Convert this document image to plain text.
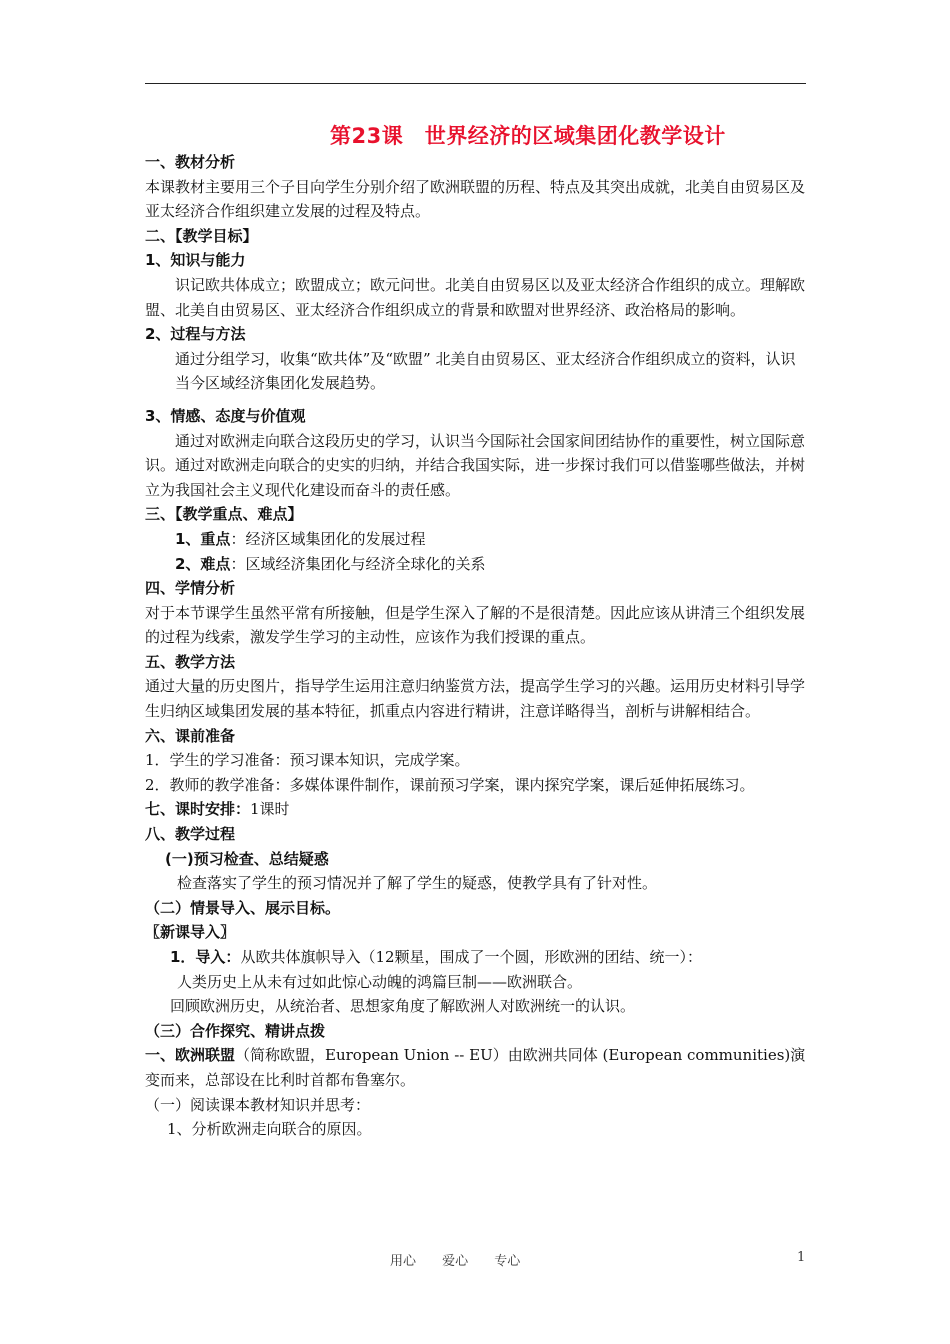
第23课　世界经济的区域集团化教学设计

一、教材分析

本课教材主要用三个子目向学生分别介绍了欧洲联盟的历程、特点及其突出成就，北美自由贸易区及亚太经济合作组织建立发展的过程及特点。

二、【教学目标】

1、知识与能力

识记欧共体成立；欧盟成立；欧元问世。北美自由贸易区以及亚太经济合作组织的成立。理解欧盟、北美自由贸易区、亚太经济合作组织成立的背景和欧盟对世界经济、政治格局的影响。

2、过程与方法

通过分组学习，收集“欧共体”及“欧盟” 北美自由贸易区、亚太经济合作组织成立的资料，认识当今区域经济集团化发展趋势。

3、情感、态度与价值观

通过对欧洲走向联合这段历史的学习，认识当今国际社会国家间团结协作的重要性，树立国际意识。通过对欧洲走向联合的史实的归纳，并结合我国实际，进一步探讨我们可以借鉴哪些做法，并树立为我国社会主义现代化建设而奋斗的责任感。

三、【教学重点、难点】

1、重点：经济区域集团化的发展过程

2、难点：区域经济集团化与经济全球化的关系

四、学情分析

对于本节课学生虽然平常有所接触，但是学生深入了解的不是很清楚。因此应该从讲清三个组织发展的过程为线索，激发学生学习的主动性，应该作为我们授课的重点。

五、教学方法

通过大量的历史图片，指导学生运用注意归纳鉴赏方法，提高学生学习的兴趣。运用历史材料引导学生归纳区域集团发展的基本特征，抓重点内容进行精讲，注意详略得当，剖析与讲解相结合。

六、课前准备

1．学生的学习准备：预习课本知识，完成学案。

2．教师的教学准备：多媒体课件制作，课前预习学案，课内探究学案，课后延伸拓展练习。

七、课时安排：1课时

八、教学过程

(一)预习检查、总结疑惑

检查落实了学生的预习情况并了解了学生的疑惑，使教学具有了针对性。

（二）情景导入、展示目标。

〖新课导入〗

1．导入：从欧共体旗帜导入（12颗星，围成了一个圆，形欧洲的团结、统一）：

人类历史上从未有过如此惊心动魄的鸿篇巨制——欧洲联合。

回顾欧洲历史，从统治者、思想家角度了解欧洲人对欧洲统一的认识。

（三）合作探究、精讲点拨

一、欧洲联盟（简称欧盟，European Union -- EU）由欧洲共同体 (European communities)演变而来，总部设在比利时首都布鲁塞尔。

（一）阅读课本教材知识并思考：

1、分析欧洲走向联合的原因。

用心 爱心 专心	1
